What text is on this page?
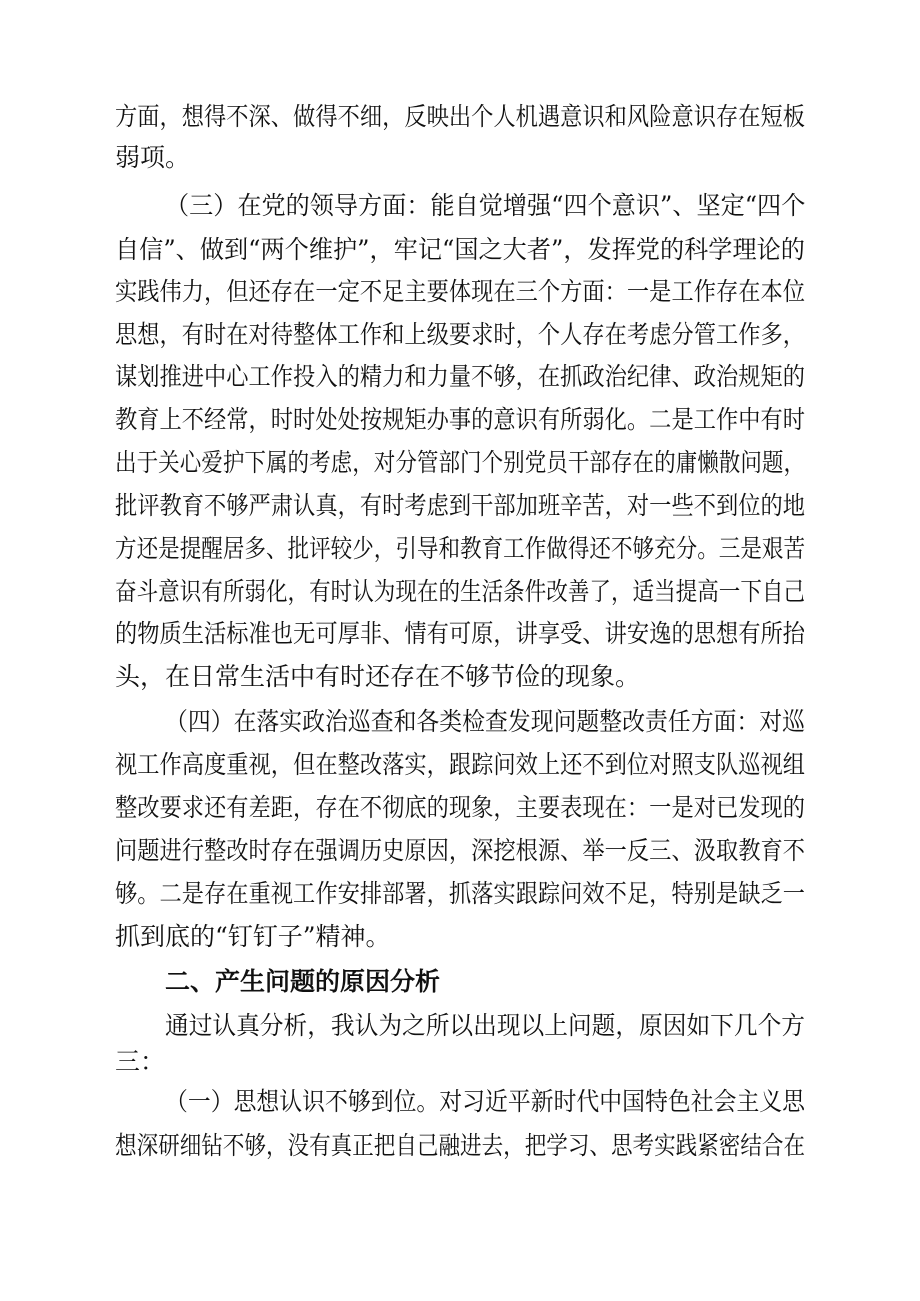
方面，想得不深、做得不细，反映出个人机遇意识和风险意识存在短板
弱项。
（三）在党的领导方面：能自觉增强“四个意识”、坚定“四个
自信”、做到“两个维护”，牢记“国之大者”，发挥党的科学理论的
实践伟力，但还存在一定不足主要体现在三个方面：一是工作存在本位
思想，有时在对待整体工作和上级要求时，个人存在考虑分管工作多，
谋划推进中心工作投入的精力和力量不够，在抓政治纪律、政治规矩的
教育上不经常，时时处处按规矩办事的意识有所弱化。二是工作中有时
出于关心爱护下属的考虑，对分管部门个别党员干部存在的庸懒散问题，
批评教育不够严肃认真，有时考虑到干部加班辛苦，对一些不到位的地
方还是提醒居多、批评较少，引导和教育工作做得还不够充分。三是艰苦
奋斗意识有所弱化，有时认为现在的生活条件改善了，适当提高一下自己
的物质生活标准也无可厚非、情有可原，讲享受、讲安逸的思想有所抬
头，在日常生活中有时还存在不够节俭的现象。
（四）在落实政治巡查和各类检查发现问题整改责任方面：对巡
视工作高度重视，但在整改落实，跟踪问效上还不到位对照支队巡视组
整改要求还有差距，存在不彻底的现象，主要表现在：一是对已发现的
问题进行整改时存在强调历史原因，深挖根源、举一反三、汲取教育不
够。二是存在重视工作安排部署，抓落实跟踪问效不足，特别是缺乏一
抓到底的“钉钉子”精神。
二、产生问题的原因分析
通过认真分析，我认为之所以出现以上问题，原因如下几个方
三：
（一）思想认识不够到位。对习近平新时代中国特色社会主义思
想深研细钻不够，没有真正把自己融进去，把学习、思考实践紧密结合在
